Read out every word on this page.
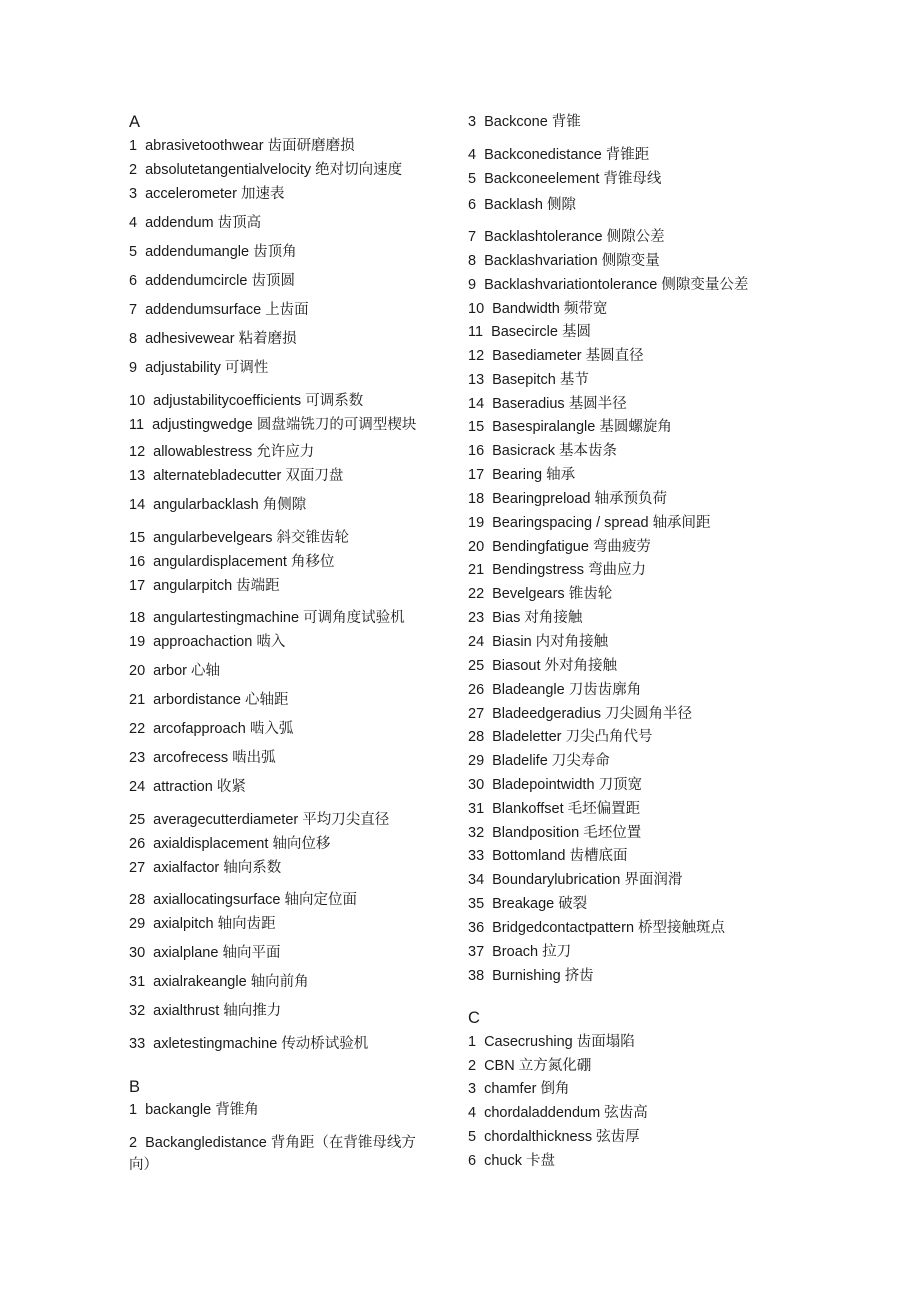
A
1 abrasivetoothwear 齿面研磨磨损
2 absolutetangentialvelocity 绝对切向速度
3 accelerometer 加速表
4 addendum 齿顶高
5 addendumangle 齿顶角
6 addendumcircle 齿顶圆
7 addendumsurface 上齿面
8 adhesivewear 粘着磨损
9 adjustability 可调性
10 adjustabilitycoefficients 可调系数
11 adjustingwedge 圆盘端铣刀的可调型楔块
12 allowablestress 允许应力
13 alternatebladecutter 双面刀盘
14 angularbacklash 角侧隙
15 angularbevelgears 斜交锥齿轮
16 angulardisplacement 角移位
17 angularpitch 齿端距
18 angulartestingmachine 可调角度试验机
19 approachaction 啮入
20 arbor 心轴
21 arbordistance 心轴距
22 arcofapproach 啮入弧
23 arcofrecess 啮出弧
24 attraction 收紧
25 averagecutterdiameter 平均刀尖直径
26 axialdisplacement 轴向位移
27 axialfactor 轴向系数
28 axiallocatingsurface 轴向定位面
29 axialpitch 轴向齿距
30 axialplane 轴向平面
31 axialrakeangle 轴向前角
32 axialthrust 轴向推力
33 axletestingmachine 传动桥试验机
B
1 backangle 背锥角
2 Backangledistance 背角距（在背锥母线方向）
3 Backcone 背锥
4 Backconedistance 背锥距
5 Backconeelement 背锥母线
6 Backlash 侧隙
7 Backlashtolerance 侧隙公差
8 Backlashvariation 侧隙变量
9 Backlashvariationtolerance 侧隙变量公差
10 Bandwidth 频带宽
11 Basecircle 基圆
12 Basediameter 基圆直径
13 Basepitch 基节
14 Baseradius 基圆半径
15 Basespiralangle 基圆螺旋角
16 Basicrack 基本齿条
17 Bearing 轴承
18 Bearingpreload 轴承预负荷
19 Bearingspacing / spread 轴承间距
20 Bendingfatigue 弯曲疲劳
21 Bendingstress 弯曲应力
22 Bevelgears 锥齿轮
23 Bias 对角接触
24 Biasin 内对角接触
25 Biasout 外对角接触
26 Bladeangle 刀齿齿廓角
27 Bladeedgeradius 刀尖圆角半径
28 Bladeletter 刀尖凸角代号
29 Bladelife 刀尖寿命
30 Bladepointwidth 刀顶宽
31 Blankoffset 毛坯偏置距
32 Blandposition 毛坯位置
33 Bottomland 齿槽底面
34 Boundarylubrication 界面润滑
35 Breakage 破裂
36 Bridgedcontactpattern 桥型接触斑点
37 Broach 拉刀
38 Burnishing 挤齿
C
1 Casecrushing 齿面塌陷
2 CBN 立方氮化硼
3 chamfer 倒角
4 chordaladdendum 弦齿高
5 chordalthickness 弦齿厚
6 chuck 卡盘
